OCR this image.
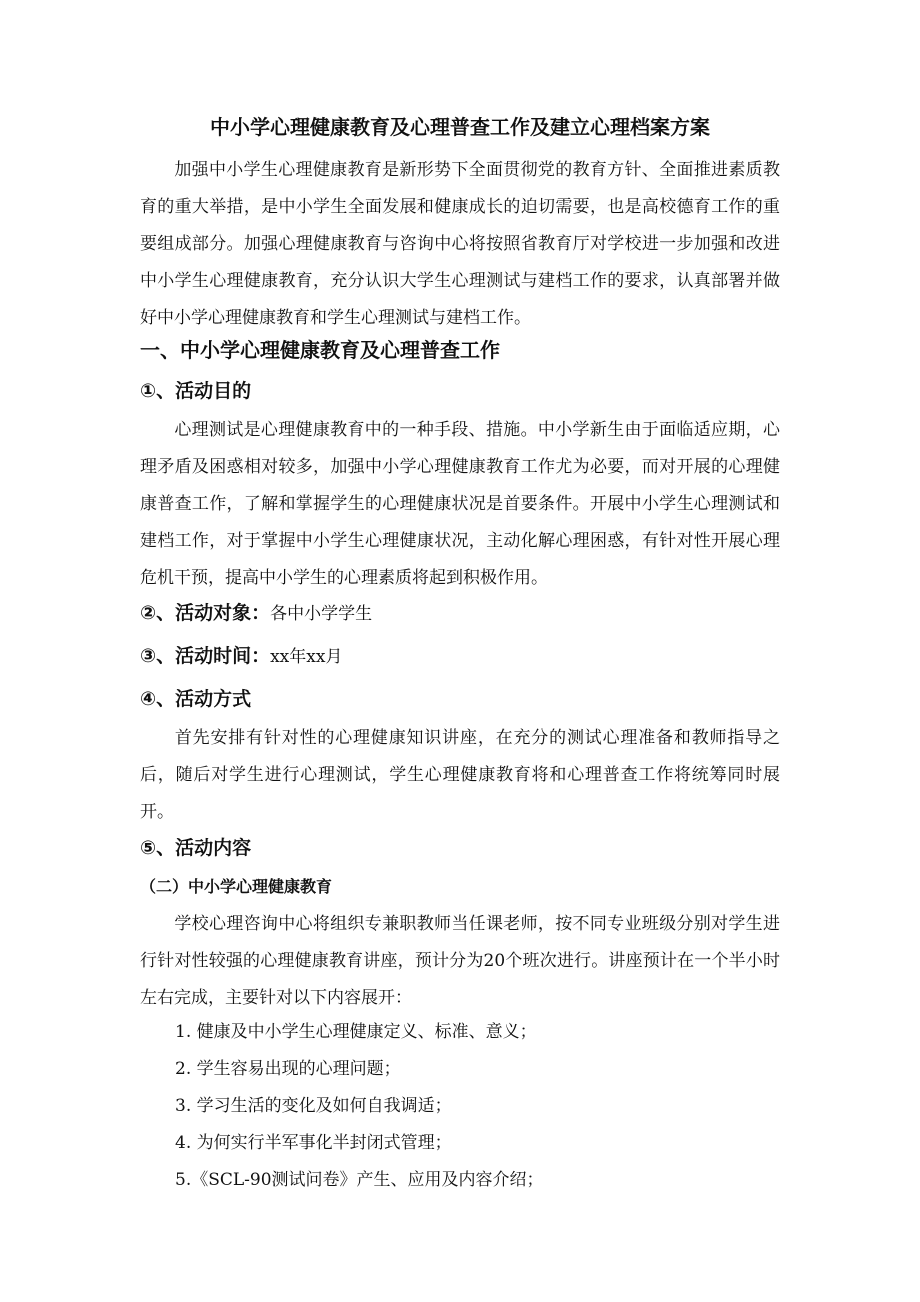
中小学心理健康教育及心理普查工作及建立心理档案方案

加强中小学生心理健康教育是新形势下全面贯彻党的教育方针、全面推进素质教育的重大举措，是中小学生全面发展和健康成长的迫切需要，也是高校德育工作的重要组成部分。加强心理健康教育与咨询中心将按照省教育厅对学校进一步加强和改进中小学生心理健康教育，充分认识大学生心理测试与建档工作的要求，认真部署并做好中小学心理健康教育和学生心理测试与建档工作。

一、中小学心理健康教育及心理普查工作
①、活动目的

心理测试是心理健康教育中的一种手段、措施。中小学新生由于面临适应期，心理矛盾及困惑相对较多，加强中小学心理健康教育工作尤为必要，而对开展的心理健康普查工作，了解和掌握学生的心理健康状况是首要条件。开展中小学生心理测试和建档工作，对于掌握中小学生心理健康状况，主动化解心理困惑，有针对性开展心理危机干预，提高中小学生的心理素质将起到积极作用。

②、活动对象：各中小学学生
③、活动时间：xx年xx月
④、活动方式

首先安排有针对性的心理健康知识讲座，在充分的测试心理准备和教师指导之后，随后对学生进行心理测试，学生心理健康教育将和心理普查工作将统筹同时展开。

⑤、活动内容
（二）中小学心理健康教育

学校心理咨询中心将组织专兼职教师当任课老师，按不同专业班级分别对学生进行针对性较强的心理健康教育讲座，预计分为20个班次进行。讲座预计在一个半小时左右完成，主要针对以下内容展开：

1. 健康及中小学生心理健康定义、标准、意义；
2. 学生容易出现的心理问题；
3. 学习生活的变化及如何自我调适；
4. 为何实行半军事化半封闭式管理；
5.《SCL-90测试问卷》产生、应用及内容介绍；
